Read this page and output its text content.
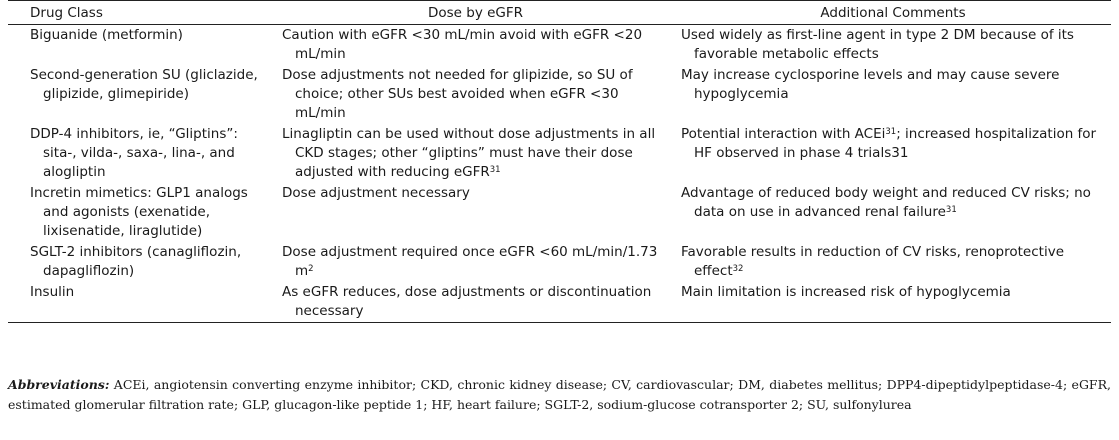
Drug Class	Dose by eGFR	Additional Comments

Biguanide (metformin)	Caution with eGFR <30 mL/min avoid with eGFR <20 mL/min	Used widely as first-line agent in type 2 DM because of its favorable metabolic effects

Second-generation SU (gliclazide, glipizide, glimepiride)	Dose adjustments not needed for glipizide, so SU of choice; other SUs best avoided when eGFR <30 mL/min	May increase cyclosporine levels and may cause severe hypoglycemia

DDP-4 inhibitors, ie, “Gliptins”: sita-, vilda-, saxa-, lina-, and alogliptin	Linagliptin can be used without dose adjustments in all CKD stages; other “gliptins” must have their dose adjusted with reducing eGFR$^{31}$	Potential interaction with ACEi$^{31}$; increased hospitalization for HF observed in phase 4 trials31

Incretin mimetics: GLP1 analogs and agonists (exenatide, lixisenatide, liraglutide)	Dose adjustment necessary	Advantage of reduced body weight and reduced CV risks; no data on use in advanced renal failure$^{31}$

SGLT-2 inhibitors (canagliflozin, dapagliflozin)	Dose adjustment required once eGFR <60 mL/min/1.73 $m^2$	Favorable results in reduction of CV risks, renoprotective effect$^{32}$

Insulin	As eGFR reduces, dose adjustments or discontinuation necessary	Main limitation is increased risk of hypoglycemia
Abbreviations: ACEi, angiotensin converting enzyme inhibitor; CKD, chronic kidney disease; CV, cardiovascular; DM, diabetes mellitus; DPP4-dipeptidylpeptidase-4; eGFR, estimated glomerular filtration rate; GLP, glucagon-like peptide 1; HF, heart failure; SGLT-2, sodium-glucose cotransporter 2; SU, sulfonylurea
